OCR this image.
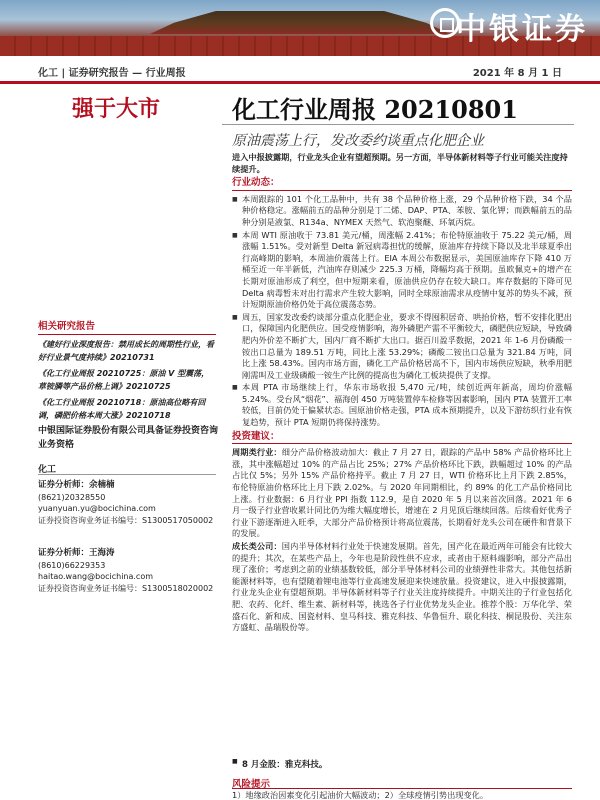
中银证券
化工 | 证券研究报告 — 行业周报	2021 年 8 月 1 日
强于大市	化工行业周报 20210801
原油震荡上行，发改委约谈重点化肥企业
进入中报披露期，行业龙头企业有望超预期。另一方面，半导体新材料等子行业可能关注度持续提升。
行业动态：
■ 本周跟踪的 101 个化工品种中，共有 38 个品种价格上涨，29 个品种价格下跌，34 个品种价格稳定。涨幅前五的品种分别是丁二烯、DAP、PTA、苯胺、氯化钾；而跌幅前五的品种分别是液氯、R134a、NYMEX 天然气、软泡聚醚、环氧丙烷。
■ 本周 WTI 原油收于 73.81 美元/桶，周涨幅 2.41%；布伦特原油收于 75.22 美元/桶，周涨幅 1.51%。受对新型 Delta 新冠病毒担忧的缓解，原油库存持续下降以及北半球夏季出行高峰期的影响，本周油价震荡上行。EIA 本周公布数据显示，美国原油库存下降 410 万桶至近一年半新低，汽油库存则减少 225.3 万桶，降幅均高于预期。虽欧佩克+的增产在长期对原油形成了利空，但中短期来看，原油供应仍存在较大缺口。库存数据的下降可见 Delta 病毒暂未对出行需求产生较大影响，同时全球原油需求从疫情中复苏的势头不减，预计短期原油价格仍处于高位震荡态势。
■ 周五，国家发改委约谈部分重点化肥企业，要求不得囤积居奇、哄抬价格，暂不安排化肥出口，保障国内化肥供应。国受疫情影响，海外磷肥产需不平衡较大，磷肥供应短缺，导致磷肥内外价差不断扩大，国内厂商不断扩大出口。据百川盈孚数据，2021 年 1-6 月份磷酸一铵出口总量为 189.51 万吨，同比上涨 53.29%；磷酸二铵出口总量为 321.84 万吨，同比上涨 58.43%。国内市场方面，磷化工产品价格居高不下，国内市场供应短缺，秋季用肥刚需叫及工业级磷酸一铵生产比例的提高也为磷化工板块提供了支撑。
■ 本周 PTA 市场继续上行，华东市场收报 5,470 元/吨，续创近两年新高，周均价涨幅 5.24%。受台风“烟花”、福海创 450 万吨装置停车检修等因素影响，国内 PTA 装置开工率较低，目前仍处于偏紧状态。国原油价格走强，PTA 成本预期提升，以及下游纺织行业有恢复趋势，预计 PTA 短期仍将保持涨势。
投资建议：
周期类行业：细分产品价格波动加大：截止 7 月 27 日，跟踪的产品中 58% 产品价格环比上涨，其中涨幅超过 10% 的产品占比 25%；27% 产品价格环比下跌，跌幅超过 10% 的产品占比仅 5%；另外 15% 产品价格持平。截止 7 月 27 日，WTI 价格环比上月下跌 2.85%，布伦特原油价格环比上月下跌 2.02%。与 2020 年同期相比，约 89% 的化工产品价格同比上涨。行业数据：6 月行业 PPI 指数 112.9，是自 2020 年 5 月以来首次回落。2021 年 6 月一级子行业营收累计同比仍为维大幅度增长，增速在 2 月见顶后继续回落。后续看好优秀子行业下游逐渐进入旺季，大部分产品价格预计将高位震荡，长期看好龙头公司在硬件和背景下的发展。
成长类公司：国内半导体材料行业处于快速发展期。首先，国产化在最近两年可能会有比较大的提升；其次，在某些产品上，今年也是阶段性供不应求，或者由于原料端影响，部分产品出现了涨价；考虑到之前的业绩基数较低，部分半导体材料公司的业绩弹性非常大。其他包括新能源材料等，也有望随着锂电池等行业高速发展迎来快速放量。投资建议，进入中报披露期，行业龙头企业有望超预期。半导体新材料等子行业关注度持续提升。中期关注的子行业包括化肥、农药、化纤、维生素、新材料等，挑选各子行业优势龙头企业。推荐个股：万华化学、荣盛石化、新和成、国瓷材料、皇马科技、雅克科技、华鲁恒升、联化科技、桐昆股份、关注东方盛虹、晶瑞股份等。
■ 8 月金股：雅克科技。
相关研究报告
《建好行业深度报告：禁用成长的周期性行业，看好行业景气度持续》20210731
《化工行业周报 20210725：原油 V 型震荡，草铵膦等产品价格上调》20210725
《化工行业周报 20210718：原油高位略有回调，磷肥价格本周大涨》20210718
中银国际证券股份有限公司具备证券投资咨询业务资格
化工
证券分析师：余楠楠
(8621)20328550
yuanyuan.yu@bocichina.com
证券投资咨询业务证书编号：S1300517050002
证券分析师：王海涛
(8610)66229353
haitao.wang@bocichina.com
证券投资咨询业务证书编号：S1300518020002
风险提示
1）地缘政治因素变化引起油价大幅波动；2）全球疫情引势出现变化。
